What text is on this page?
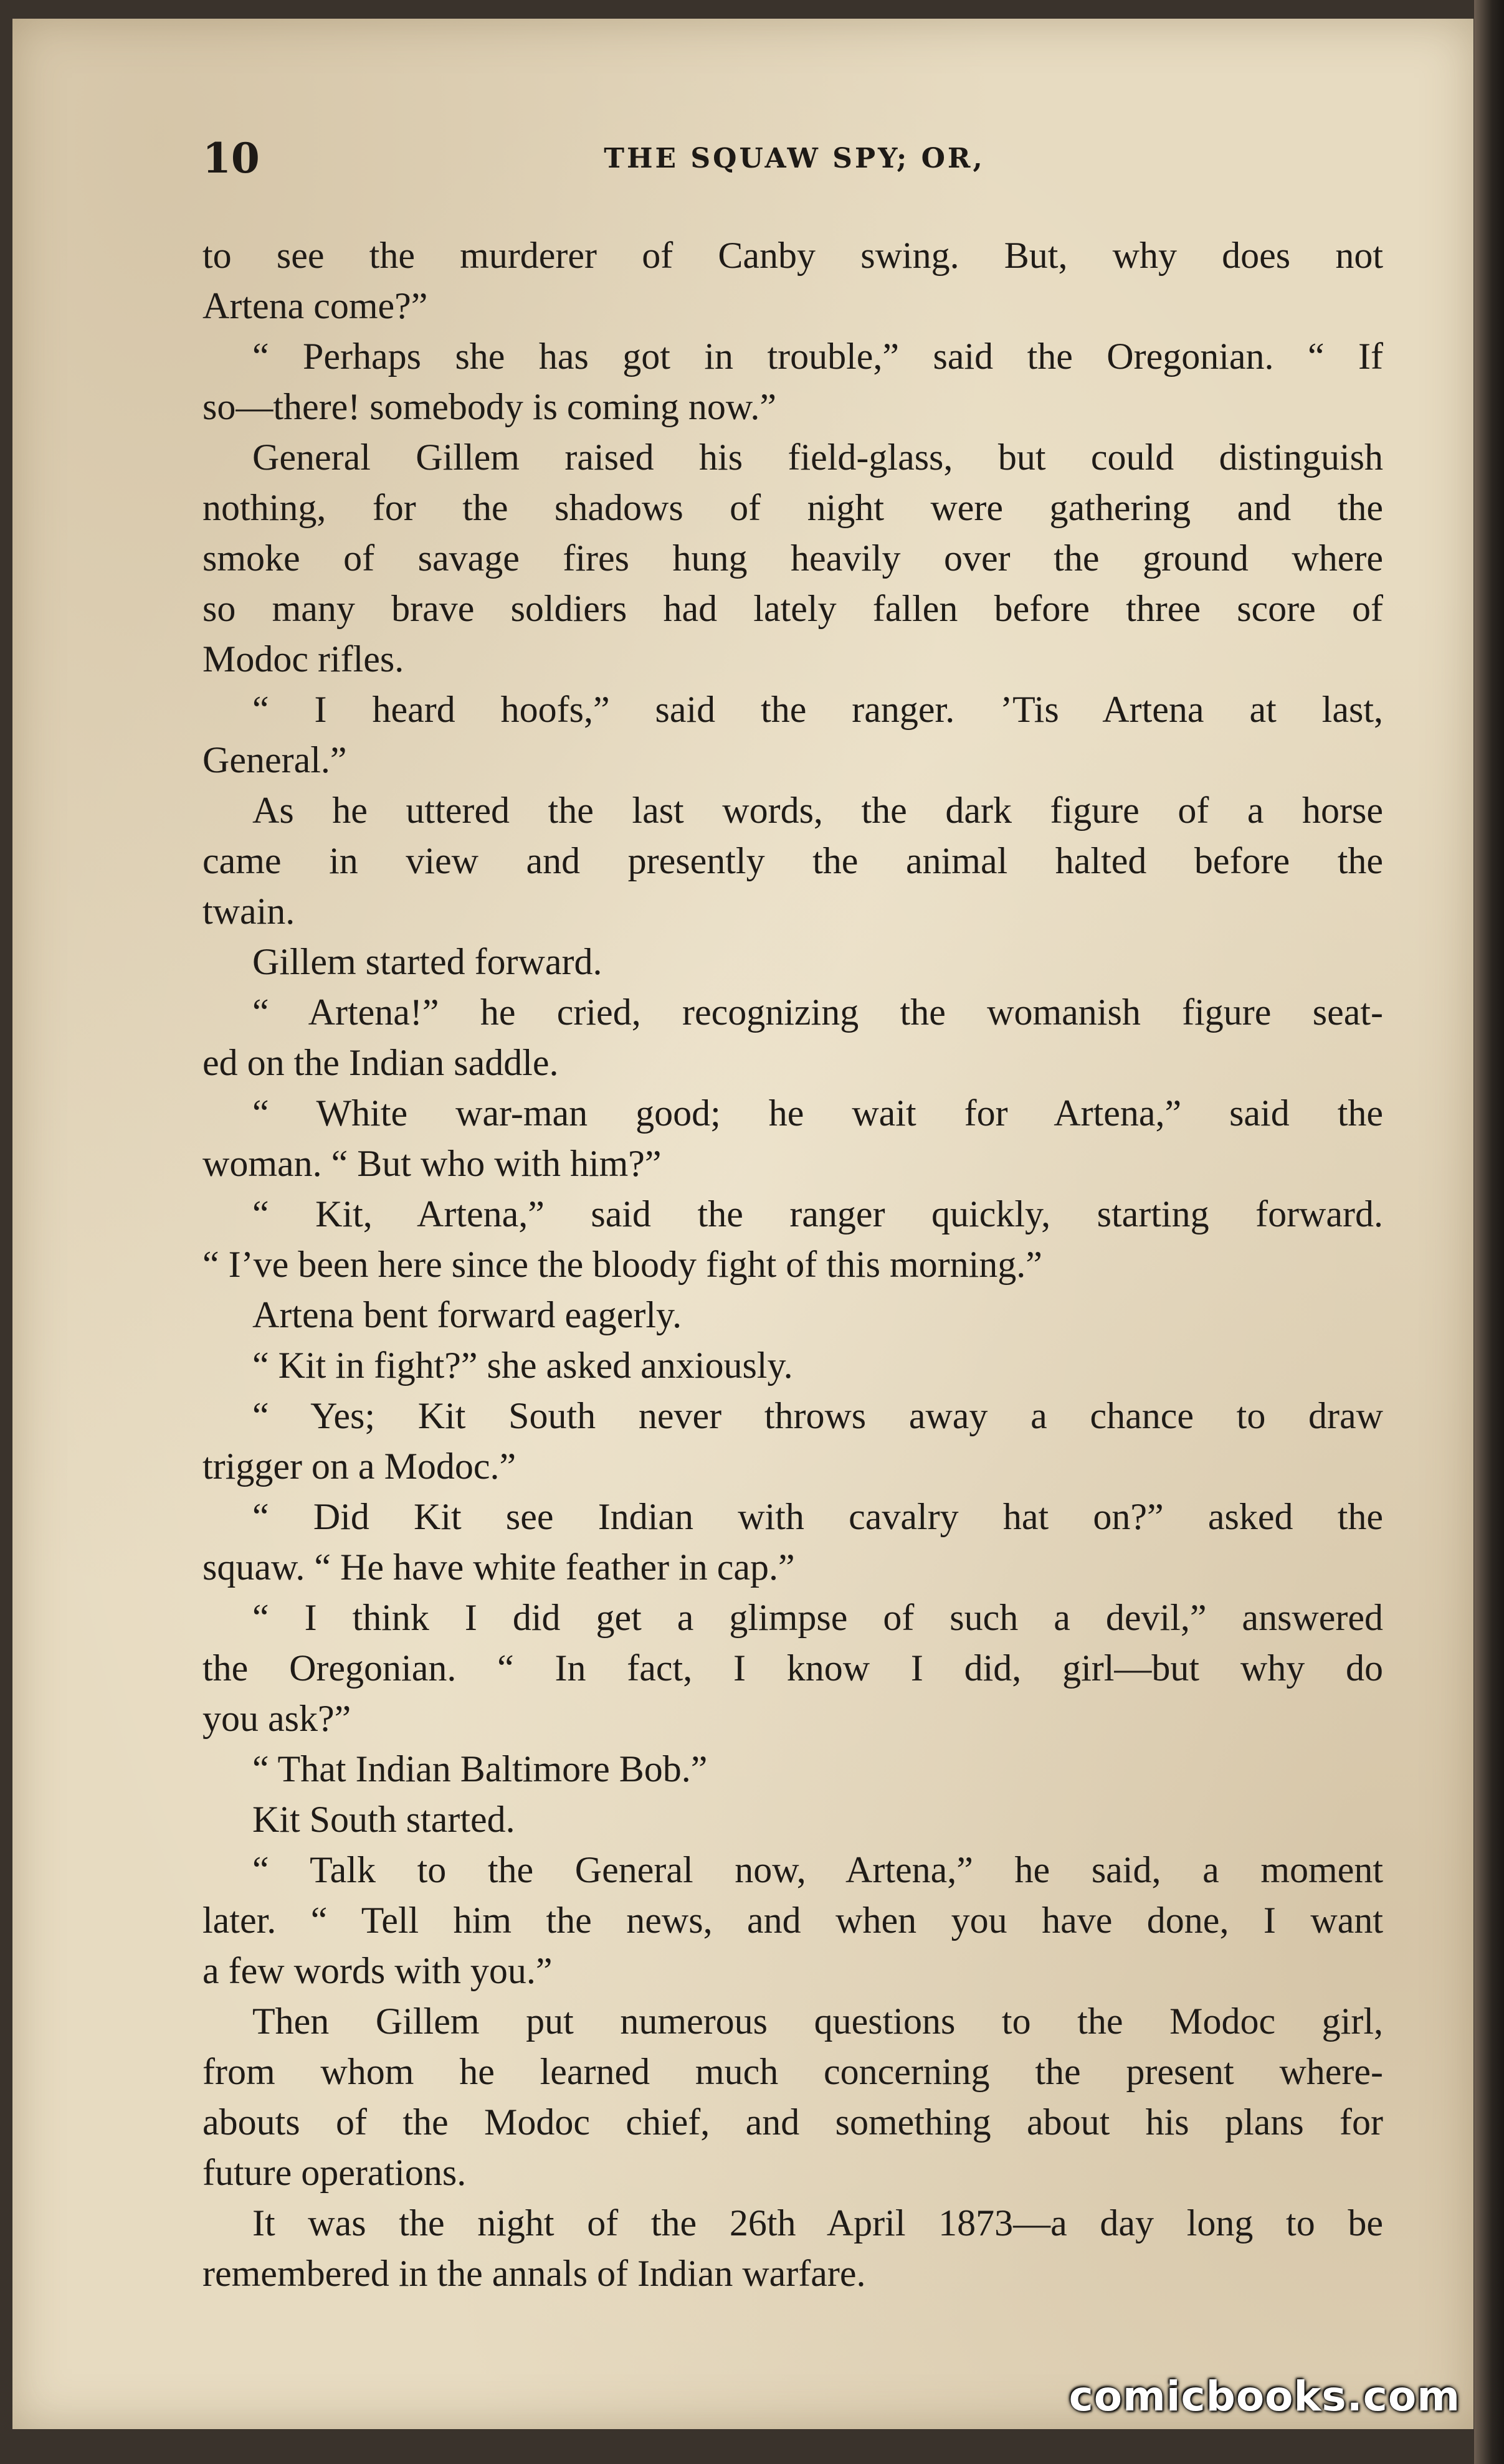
10	THE SQUAW SPY; OR,
to see the murderer of Canby swing. But, why does not
Artena come?”
“ Perhaps she has got in trouble,” said the Oregonian. “ If
so—there! somebody is coming now.”
General Gillem raised his field-glass, but could distinguish
nothing, for the shadows of night were gathering and the
smoke of savage fires hung heavily over the ground where
so many brave soldiers had lately fallen before three score of
Modoc rifles.
“ I heard hoofs,” said the ranger. ’Tis Artena at last,
General.”
As he uttered the last words, the dark figure of a horse
came in view and presently the animal halted before the
twain.
Gillem started forward.
“ Artena!” he cried, recognizing the womanish figure seat-
ed on the Indian saddle.
“ White war-man good; he wait for Artena,” said the
woman. “ But who with him?”
“ Kit, Artena,” said the ranger quickly, starting forward.
“ I’ve been here since the bloody fight of this morning.”
Artena bent forward eagerly.
“ Kit in fight?” she asked anxiously.
“ Yes; Kit South never throws away a chance to draw
trigger on a Modoc.”
“ Did Kit see Indian with cavalry hat on?” asked the
squaw. “ He have white feather in cap.”
“ I think I did get a glimpse of such a devil,” answered
the Oregonian. “ In fact, I know I did, girl—but why do
you ask?”
“ That Indian Baltimore Bob.”
Kit South started.
“ Talk to the General now, Artena,” he said, a moment
later. “ Tell him the news, and when you have done, I want
a few words with you.”
Then Gillem put numerous questions to the Modoc girl,
from whom he learned much concerning the present where-
abouts of the Modoc chief, and something about his plans for
future operations.
It was the night of the 26th April 1873—a day long to be
remembered in the annals of Indian warfare.
comicbooks.com
